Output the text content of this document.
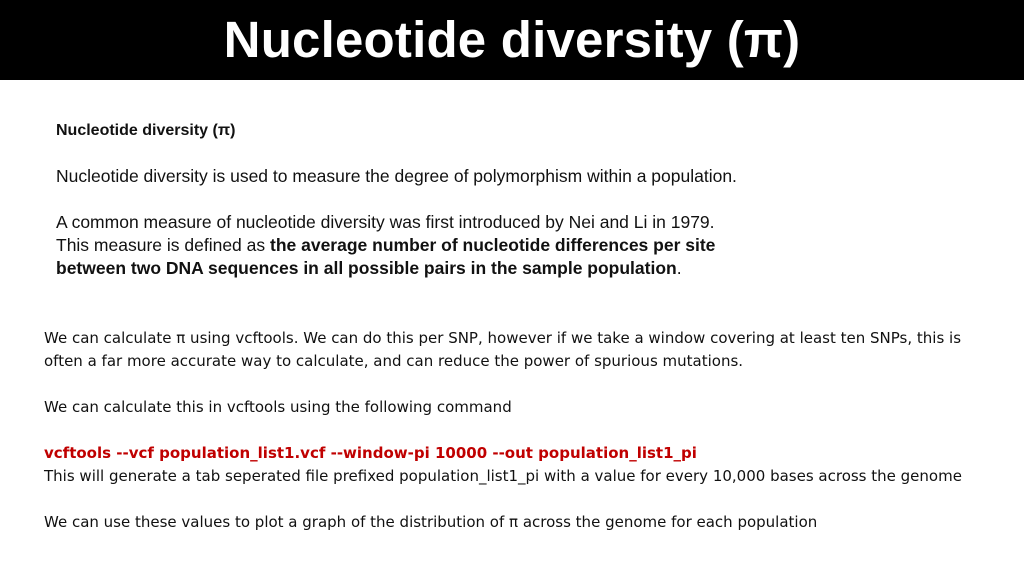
Nucleotide diversity (π)

Nucleotide diversity (π)

Nucleotide diversity is used to measure the degree of polymorphism within a population.

A common measure of nucleotide diversity was first introduced by Nei and Li in 1979.

This measure is defined as the average number of nucleotide differences per site

between two DNA sequences in all possible pairs in the sample population.

We can calculate π using vcftools. We can do this per SNP, however if we take a window covering at least ten SNPs, this is

often a far more accurate way to calculate, and can reduce the power of spurious mutations.

We can calculate this in vcftools using the following command

vcftools --vcf population_list1.vcf --window-pi 10000 --out population_list1_pi

This will generate a tab seperated file prefixed population_list1_pi with a value for every 10,000 bases across the genome

We can use these values to plot a graph of the distribution of π across the genome for each population
